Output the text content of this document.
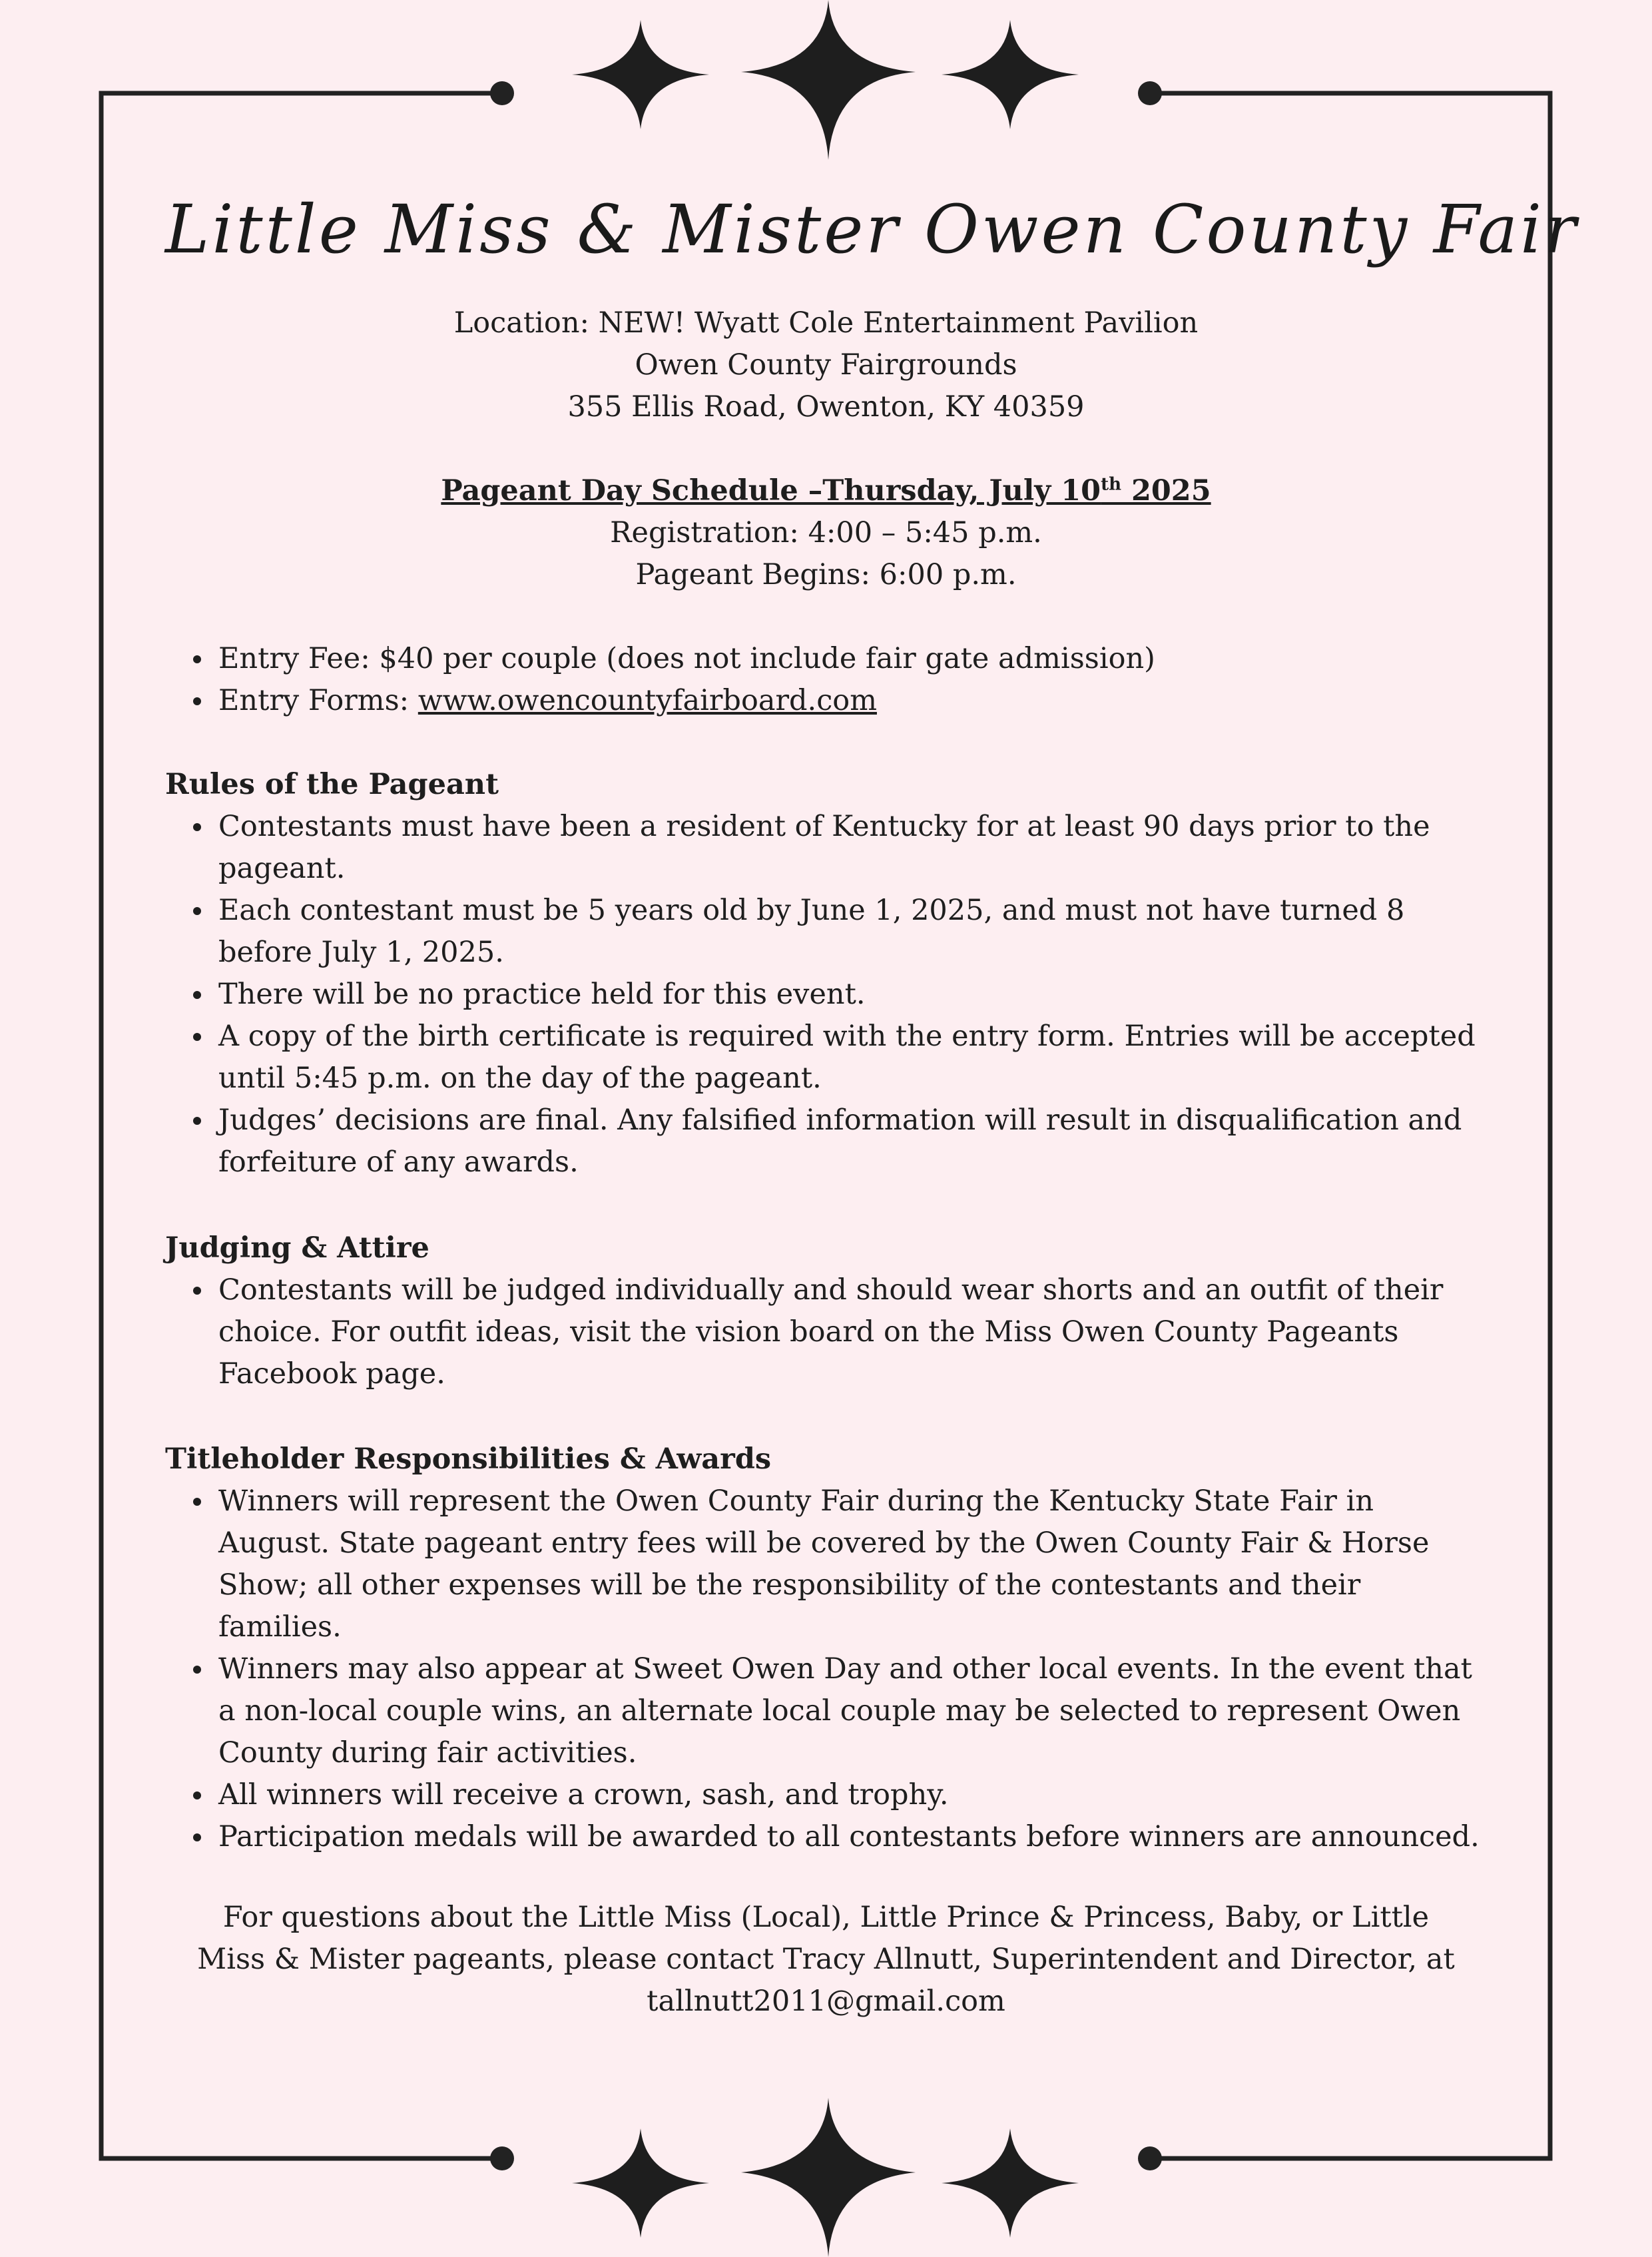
Little Miss & Mister Owen County Fair
Location: NEW! Wyatt Cole Entertainment Pavilion
Owen County Fairgrounds
355 Ellis Road, Owenton, KY 40359
Pageant Day Schedule –Thursday, July 10th 2025
Registration: 4:00 – 5:45 p.m.
Pageant Begins: 6:00 p.m.
Entry Fee: $40 per couple (does not include fair gate admission)
Entry Forms: www.owencountyfairboard.com
Rules of the Pageant
Contestants must have been a resident of Kentucky for at least 90 days prior to the pageant.
Each contestant must be 5 years old by June 1, 2025, and must not have turned 8 before July 1, 2025.
There will be no practice held for this event.
A copy of the birth certificate is required with the entry form. Entries will be accepted until 5:45 p.m. on the day of the pageant.
Judges’ decisions are final. Any falsified information will result in disqualification and forfeiture of any awards.
Judging & Attire
Contestants will be judged individually and should wear shorts and an outfit of their choice. For outfit ideas, visit the vision board on the Miss Owen County Pageants Facebook page.
Titleholder Responsibilities & Awards
Winners will represent the Owen County Fair during the Kentucky State Fair in August. State pageant entry fees will be covered by the Owen County Fair & Horse Show; all other expenses will be the responsibility of the contestants and their families.
Winners may also appear at Sweet Owen Day and other local events. In the event that a non-local couple wins, an alternate local couple may be selected to represent Owen County during fair activities.
All winners will receive a crown, sash, and trophy.
Participation medals will be awarded to all contestants before winners are announced.
For questions about the Little Miss (Local), Little Prince & Princess, Baby, or Little Miss & Mister pageants, please contact Tracy Allnutt, Superintendent and Director, at tallnutt2011@gmail.com
